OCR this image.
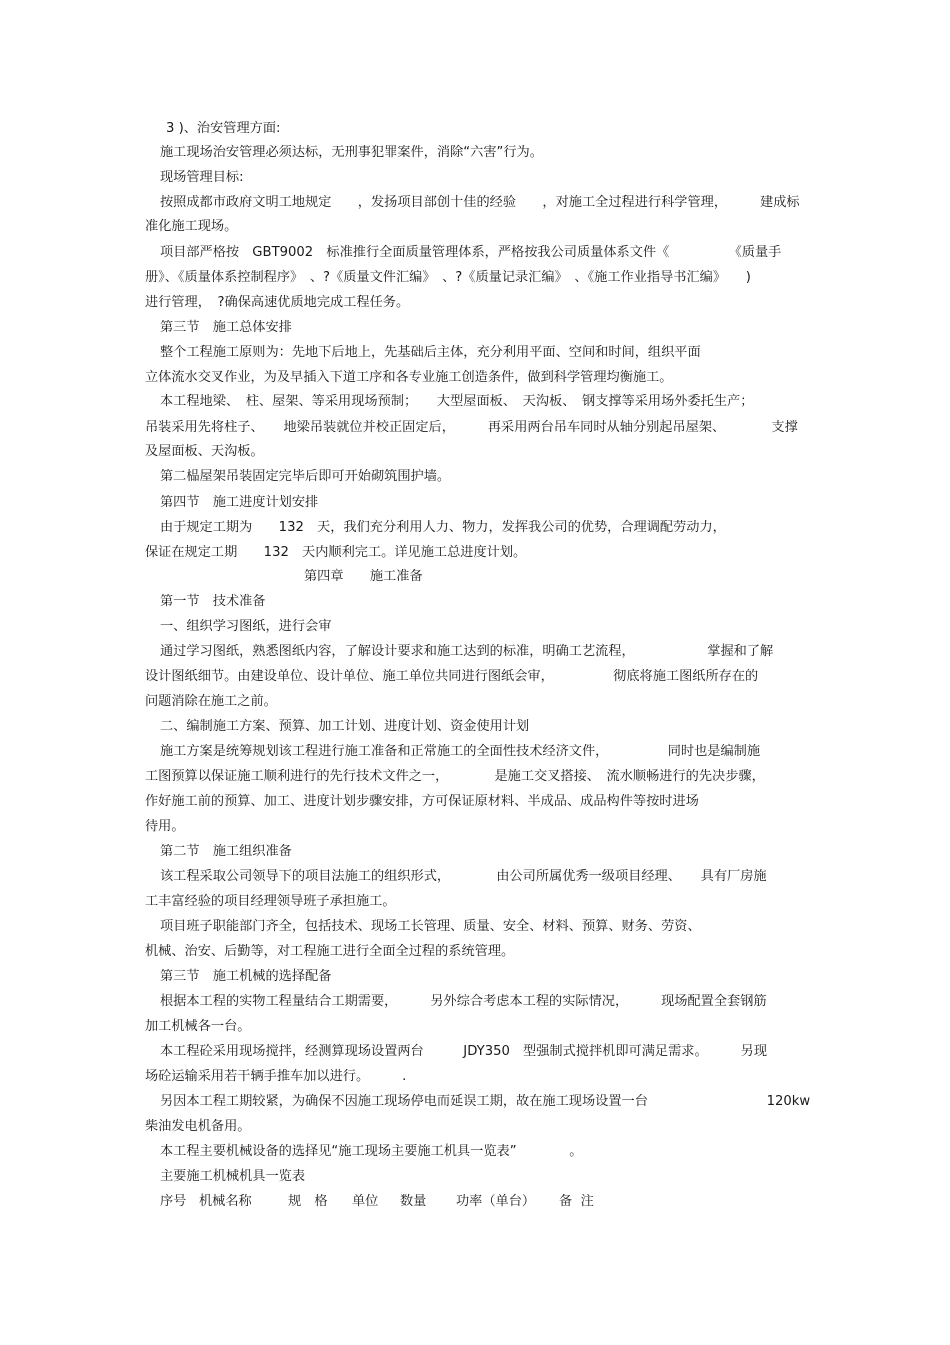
3 )、治安管理方面:
施工现场治安管理必须达标，无刑事犯罪案件，消除“六害”行为。
现场管理目标:
按照成都市政府文明工地规定　　，发扬项目部创十佳的经验　　，对施工全过程进行科学管理，　　　建成标
准化施工现场。
项目部严格按　GBT9002　标准推行全面质量管理体系，严格按我公司质量体系文件《　　　　　《质量手
册》、《质量体系控制程序》　、?《质量文件汇编》　、?《质量记录汇编》　、《施工作业指导书汇编》　　)
进行管理，　?确保高速优质地完成工程任务。
第三节　施工总体安排
整个工程施工原则为：先地下后地上，先基础后主体，充分利用平面、空间和时间，组织平面
立体流水交叉作业，为及早插入下道工序和各专业施工创造条件，做到科学管理均衡施工。
本工程地梁、　柱、屋架、等采用现场预制；　　大型屋面板、　天沟板、　钢支撑等采用场外委托生产；
吊装采用先将柱子、　　地梁吊装就位并校正固定后，　　　再采用两台吊车同时从轴分别起吊屋架、　　　　支撑
及屋面板、天沟板。
第二榀屋架吊装固定完毕后即可开始砌筑围护墙。
第四节　施工进度计划安排
由于规定工期为　　132　天，我们充分利用人力、物力，发挥我公司的优势，合理调配劳动力，
保证在规定工期　　132　天内顺利完工。详见施工总进度计划。
第四章　　施工准备
第一节　技术准备
一、组织学习图纸，进行会审
通过学习图纸，熟悉图纸内容，了解设计要求和施工达到的标准，明确工艺流程，　　　　　　掌握和了解
设计图纸细节。由建设单位、设计单位、施工单位共同进行图纸会审，　　　　　彻底将施工图纸所存在的
问题消除在施工之前。
二、编制施工方案、预算、加工计划、进度计划、资金使用计划
施工方案是统筹规划该工程进行施工准备和正常施工的全面性技术经济文件，　　　　　同时也是编制施
工图预算以保证施工顺利进行的先行技术文件之一，　　　　是施工交叉搭接、　流水顺畅进行的先决步骤，
作好施工前的预算、加工、进度计划步骤安排，方可保证原材料、半成品、成品构件等按时进场
待用。
第二节　施工组织准备
该工程采取公司领导下的项目法施工的组织形式，　　　　由公司所属优秀一级项目经理、　　具有厂房施
工丰富经验的项目经理领导班子承担施工。
项目班子职能部门齐全，包括技术、现场工长管理、质量、安全、材料、预算、财务、劳资、
机械、治安、后勤等，对工程施工进行全面全过程的系统管理。
第三节　施工机械的选择配备
根据本工程的实物工程量结合工期需要，　　　另外综合考虑本工程的实际情况，　　　现场配置全套钢筋
加工机械各一台。
本工程砼采用现场搅拌，经测算现场设置两台　　　JDY350　型强制式搅拌机即可满足需求。　　　另现
场砼运输采用若干辆手推车加以进行。　　　.
另因本工程工期较紧，为确保不因施工现场停电而延误工期，故在施工现场设置一台　　　　　　　　　120kw
柴油发电机备用。
本工程主要机械设备的选择见“施工现场主要施工机具一览表”　　　　。
主要施工机械机具一览表
序号 机械名称	规　格 单位 数量 功率（单台） 备  注
